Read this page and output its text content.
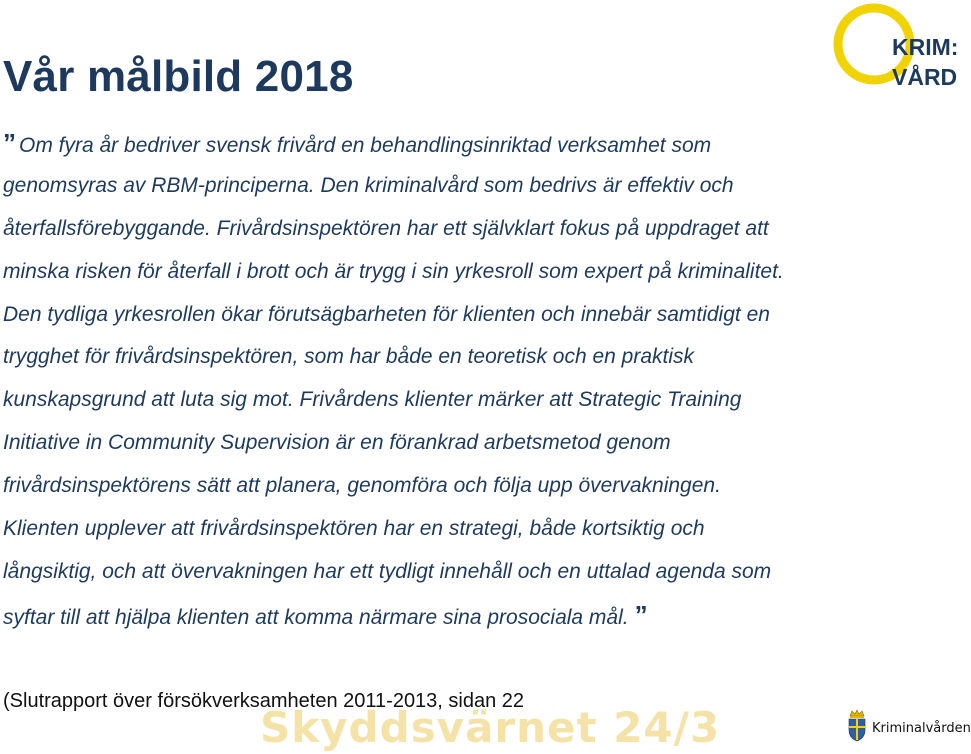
Vår målbild 2018
KRIM:
VÅRD
” Om fyra år bedriver svensk frivård en behandlingsinriktad verksamhet som
genomsyras av RBM-principerna. Den kriminalvård som bedrivs är effektiv och
återfallsförebyggande. Frivårdsinspektören har ett självklart fokus på uppdraget att
minska risken för återfall i brott och är trygg i sin yrkesroll som expert på kriminalitet.
Den tydliga yrkesrollen ökar förutsägbarheten för klienten och innebär samtidigt en
trygghet för frivårdsinspektören, som har både en teoretisk och en praktisk
kunskapsgrund att luta sig mot. Frivårdens klienter märker att Strategic Training
Initiative in Community Supervision är en förankrad arbetsmetod genom
frivårdsinspektörens sätt att planera, genomföra och följa upp övervakningen.
Klienten upplever att frivårdsinspektören har en strategi, både kortsiktig och
långsiktig, och att övervakningen har ett tydligt innehåll och en uttalad agenda som
syftar till att hjälpa klienten att komma närmare sina prosociala mål. ”
(Slutrapport över försökverksamheten 2011-2013, sidan 22
Skyddsvärnet 24/3	Kriminalvården
